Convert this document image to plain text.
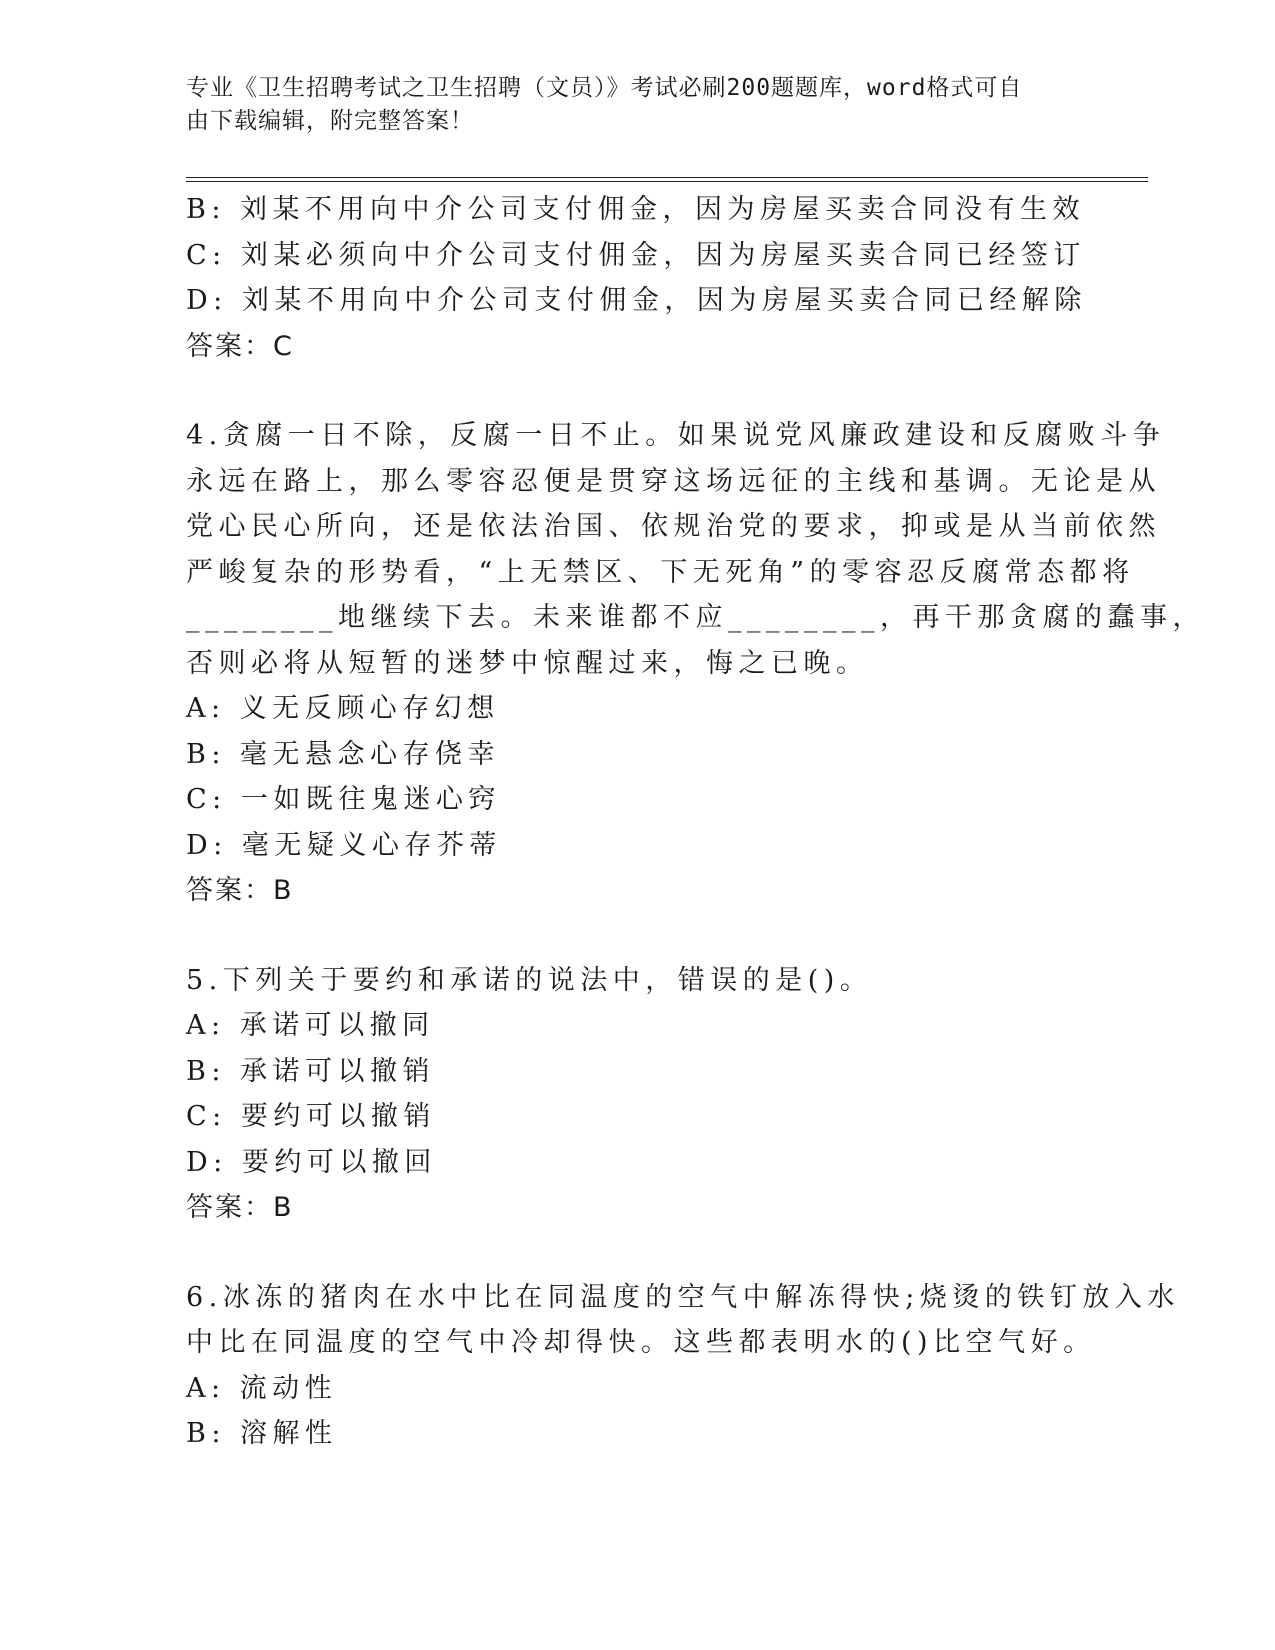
专业《卫生招聘考试之卫生招聘（文员）》考试必刷200题题库，word格式可自
由下载编辑，附完整答案！
B: 刘某不用向中介公司支付佣金，因为房屋买卖合同没有生效
C: 刘某必须向中介公司支付佣金，因为房屋买卖合同已经签订
D: 刘某不用向中介公司支付佣金，因为房屋买卖合同已经解除
答案：C
4.贪腐一日不除，反腐一日不止。如果说党风廉政建设和反腐败斗争
永远在路上，那么零容忍便是贯穿这场远征的主线和基调。无论是从
党心民心所向，还是依法治国、依规治党的要求，抑或是从当前依然
严峻复杂的形势看，“上无禁区、下无死角”的零容忍反腐常态都将
________地继续下去。未来谁都不应________，再干那贪腐的蠢事，
否则必将从短暂的迷梦中惊醒过来，悔之已晚。
A: 义无反顾心存幻想
B: 毫无悬念心存侥幸
C: 一如既往鬼迷心窍
D: 毫无疑义心存芥蒂
答案：B
5.下列关于要约和承诺的说法中，错误的是()。
A: 承诺可以撤同
B: 承诺可以撤销
C: 要约可以撤销
D: 要约可以撤回
答案：B
6.冰冻的猪肉在水中比在同温度的空气中解冻得快;烧烫的铁钉放入水
中比在同温度的空气中冷却得快。这些都表明水的()比空气好。
A: 流动性
B: 溶解性
